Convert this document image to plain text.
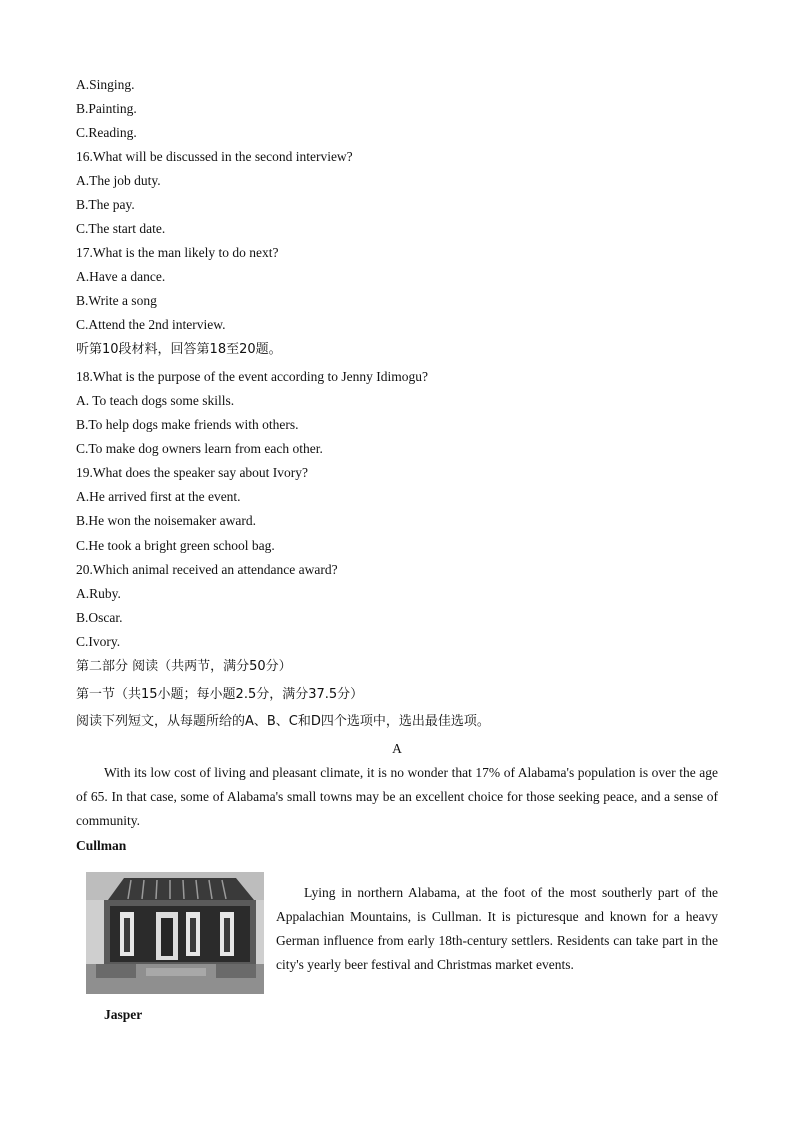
A.Singing.
B.Painting.
C.Reading.
16.What will be discussed in the second interview?
A.The job duty.
B.The pay.
C.The start date.
17.What is the man likely to do next?
A.Have a dance.
B.Write a song
C.Attend the 2nd interview.
听第10段材料，回答第18至20题。
18.What is the purpose of the event according to Jenny Idimogu?
A. To teach dogs some skills.
B.To help dogs make friends with others.
C.To make dog owners learn from each other.
19.What does the speaker say about Ivory?
A.He arrived first at the event.
B.He won the noisemaker award.
C.He took a bright green school bag.
20.Which animal received an attendance award?
A.Ruby.
B.Oscar.
C.Ivory.
第二部分 阅读（共两节，满分50分）
第一节（共15小题；每小题2.5分，满分37.5分）
阅读下列短文，从每题所给的A、B、C和D四个选项中，选出最佳选项。
A
With its low cost of living and pleasant climate, it is no wonder that 17% of Alabama's population is over the age of 65. In that case, some of Alabama's small towns may be an excellent choice for those seeking peace, and a sense of community.
Cullman
Lying in northern Alabama, at the foot of the most southerly part of the Appalachian Mountains, is Cullman. It is picturesque and known for a heavy German influence from early 18th-century settlers. Residents can take part in the city's yearly beer festival and Christmas market events.
Jasper
